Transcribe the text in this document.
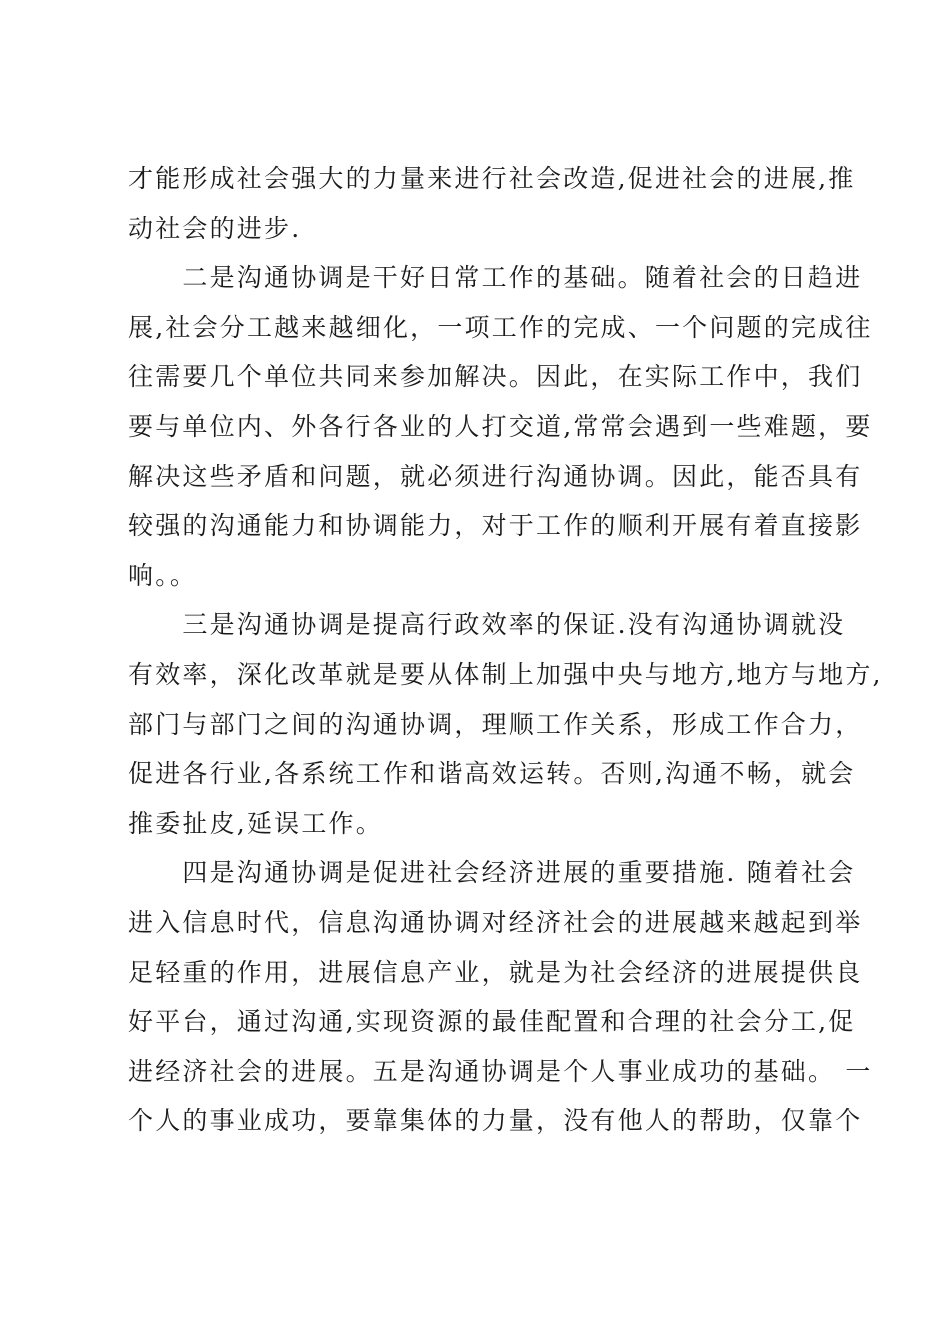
才能形成社会强大的力量来进行社会改造,促进社会的进展,推
动社会的进步.
　　二是沟通协调是干好日常工作的基础。随着社会的日趋进
展,社会分工越来越细化，一项工作的完成、一个问题的完成往
往需要几个单位共同来参加解决。因此，在实际工作中，我们
要与单位内、外各行各业的人打交道,常常会遇到一些难题，要
解决这些矛盾和问题，就必须进行沟通协调。因此，能否具有
较强的沟通能力和协调能力，对于工作的顺利开展有着直接影
响。。
　　三是沟通协调是提高行政效率的保证.没有沟通协调就没
有效率，深化改革就是要从体制上加强中央与地方,地方与地方,
部门与部门之间的沟通协调，理顺工作关系，形成工作合力，
促进各行业,各系统工作和谐高效运转。否则,沟通不畅，就会
推委扯皮,延误工作。
　　四是沟通协调是促进社会经济进展的重要措施. 随着社会
进入信息时代，信息沟通协调对经济社会的进展越来越起到举
足轻重的作用，进展信息产业，就是为社会经济的进展提供良
好平台，通过沟通,实现资源的最佳配置和合理的社会分工,促
进经济社会的进展。五是沟通协调是个人事业成功的基础。 一
个人的事业成功，要靠集体的力量，没有他人的帮助，仅靠个
